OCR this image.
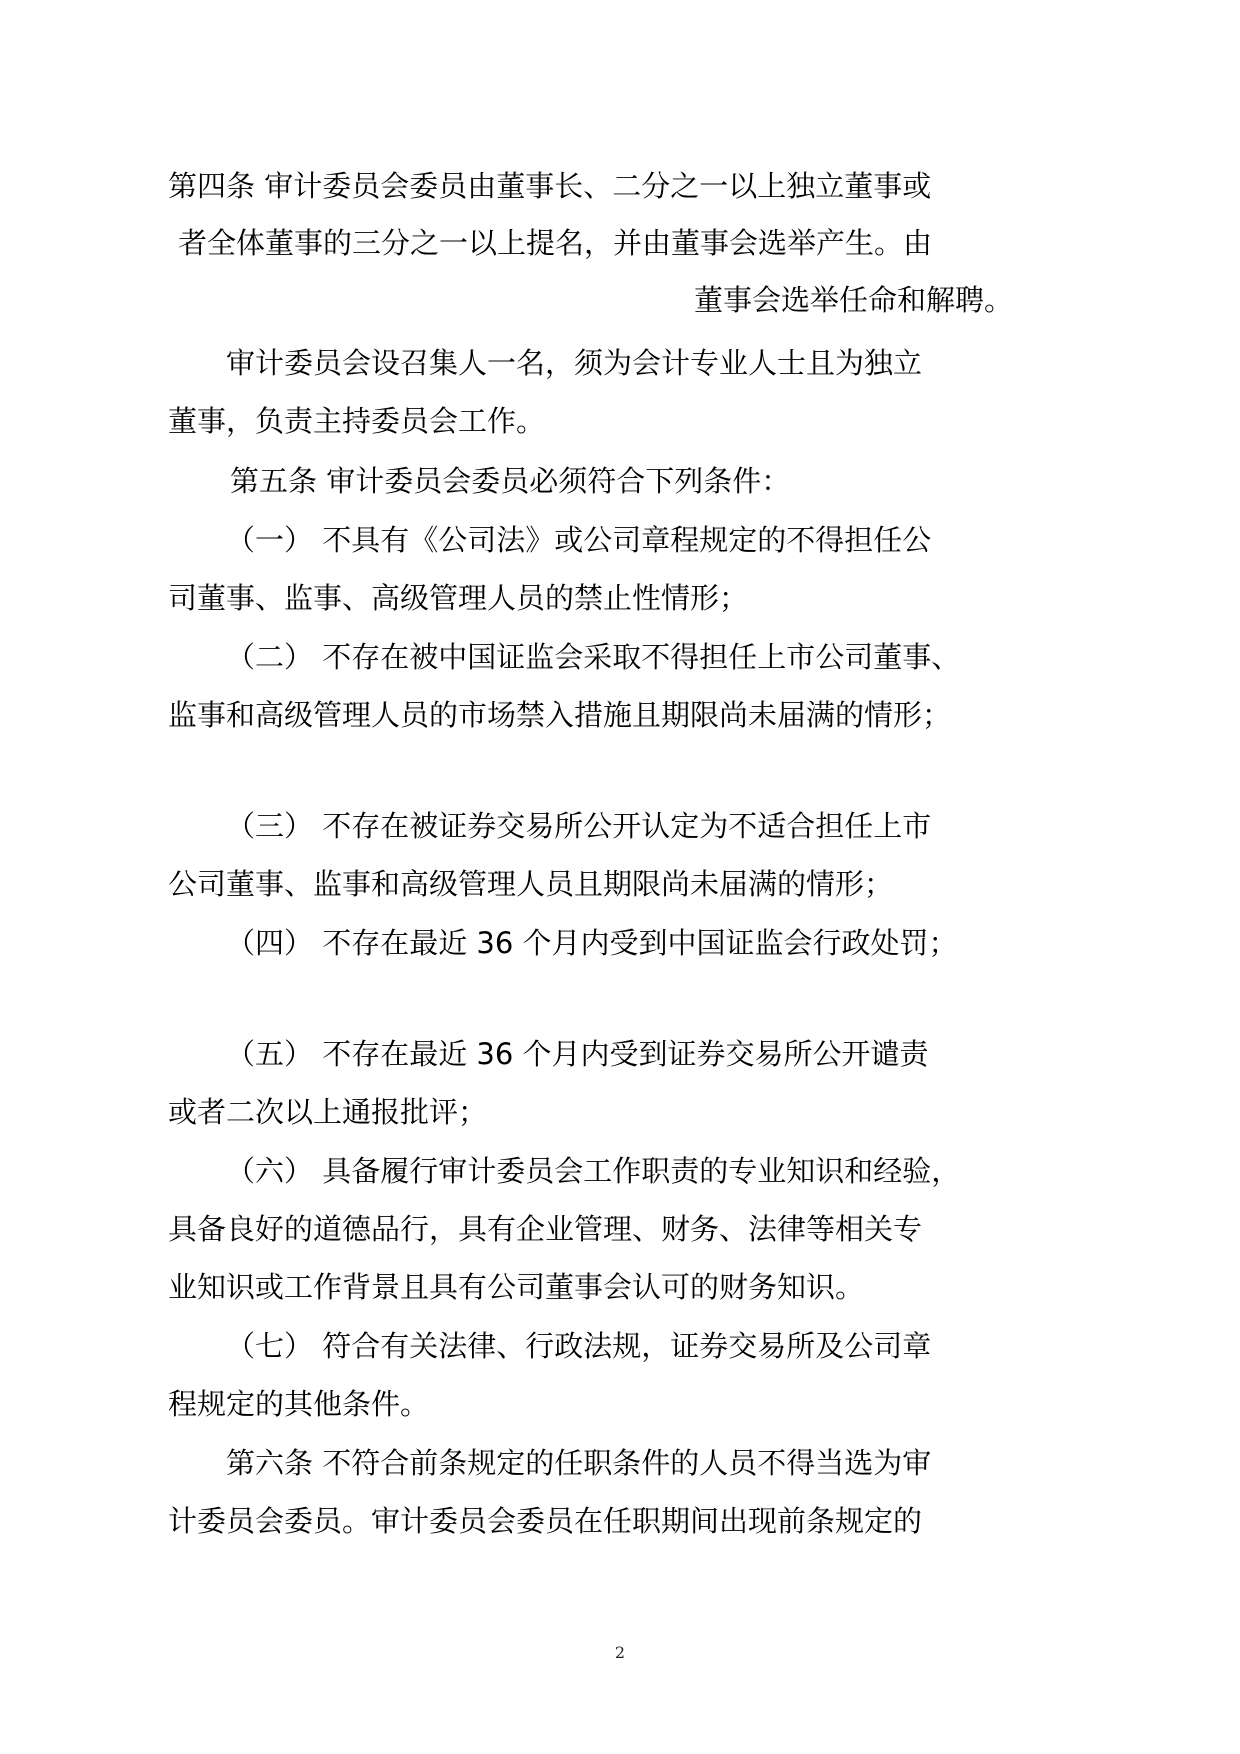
第四条 审计委员会委员由董事长、二分之一以上独立董事或
者全体董事的三分之一以上提名，并由董事会选举产生。由
董事会选举任命和解聘。
审计委员会设召集人一名，须为会计专业人士且为独立
董事，负责主持委员会工作。
第五条 审计委员会委员必须符合下列条件：
（一） 不具有《公司法》或公司章程规定的不得担任公
司董事、监事、高级管理人员的禁止性情形；
（二） 不存在被中国证监会采取不得担任上市公司董事、
监事和高级管理人员的市场禁入措施且期限尚未届满的情形；
（三） 不存在被证券交易所公开认定为不适合担任上市
公司董事、监事和高级管理人员且期限尚未届满的情形；
（四） 不存在最近 36 个月内受到中国证监会行政处罚；
（五） 不存在最近 36 个月内受到证券交易所公开谴责
或者二次以上通报批评；
（六） 具备履行审计委员会工作职责的专业知识和经验，
具备良好的道德品行，具有企业管理、财务、法律等相关专
业知识或工作背景且具有公司董事会认可的财务知识。
（七） 符合有关法律、行政法规，证券交易所及公司章
程规定的其他条件。
第六条 不符合前条规定的任职条件的人员不得当选为审
计委员会委员。审计委员会委员在任职期间出现前条规定的
2
